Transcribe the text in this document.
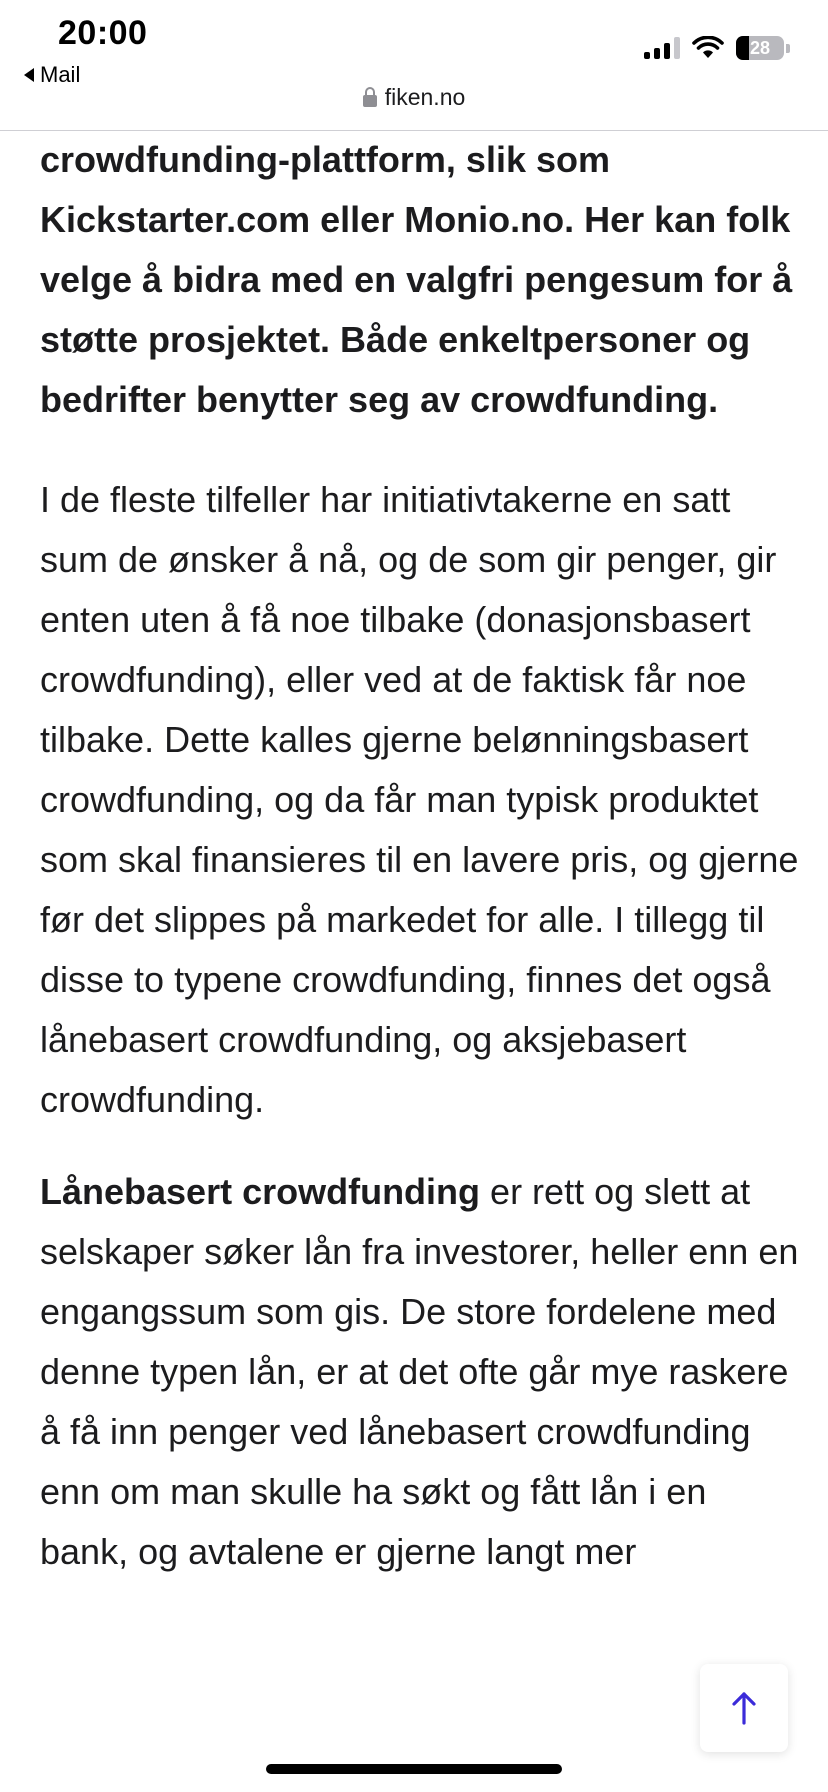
20:00
Mail
28
fiken.no

crowdfunding-plattform, slik som Kickstarter.com eller Monio.no. Her kan folk velge å bidra med en valgfri pengesum for å støtte prosjektet. Både enkeltpersoner og bedrifter benytter seg av crowdfunding.

I de fleste tilfeller har initiativtakerne en satt sum de ønsker å nå, og de som gir penger, gir enten uten å få noe tilbake (donasjonsbasert crowdfunding), eller ved at de faktisk får noe tilbake. Dette kalles gjerne belønningsbasert crowdfunding, og da får man typisk produktet som skal finansieres til en lavere pris, og gjerne før det slippes på markedet for alle. I tillegg til disse to typene crowdfunding, finnes det også lånebasert crowdfunding, og aksjebasert crowdfunding.

Lånebasert crowdfunding er rett og slett at selskaper søker lån fra investorer, heller enn en engangssum som gis. De store fordelene med denne typen lån, er at det ofte går mye raskere å få inn penger ved lånebasert crowdfunding enn om man skulle ha søkt og fått lån i en bank, og avtalene er gjerne langt mer
